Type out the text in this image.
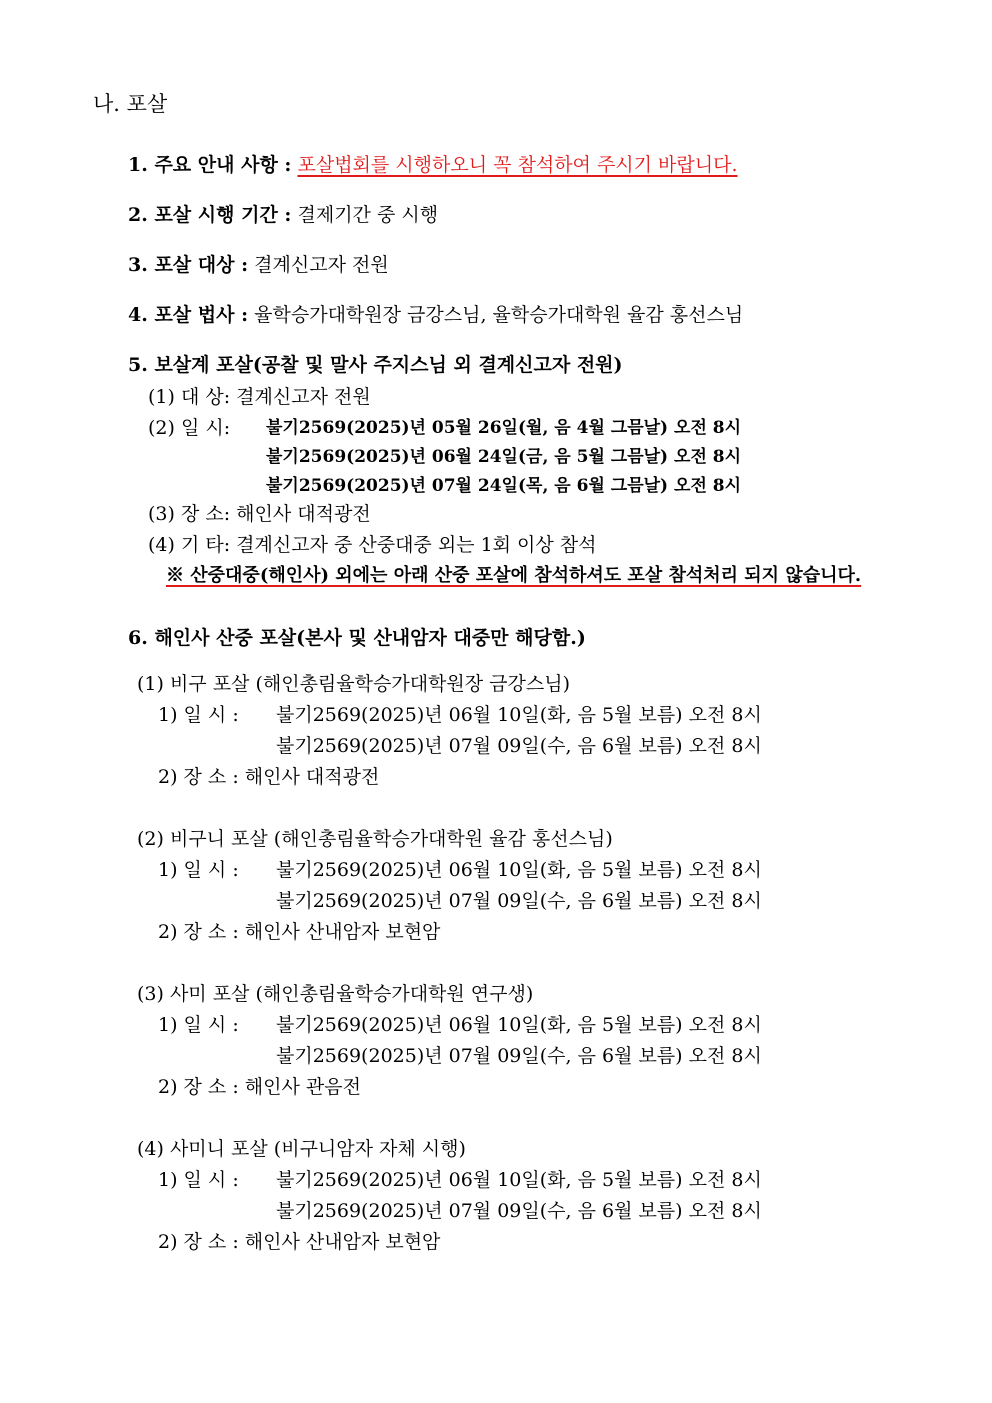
나. 포살
1. 주요 안내 사항 : 포살법회를 시행하오니 꼭 참석하여 주시기 바랍니다.
2. 포살 시행 기간 : 결제기간 중 시행
3. 포살 대상 : 결계신고자 전원
4. 포살 법사 : 율학승가대학원장 금강스님, 율학승가대학원 율감 홍선스님
5. 보살계 포살(공찰 및 말사 주지스님 외 결계신고자 전원)
(1) 대 상: 결계신고자 전원
(2) 일 시: 불기2569(2025)년 05월 26일(월, 음 4월 그믐날) 오전 8시
불기2569(2025)년 06월 24일(금, 음 5월 그믐날) 오전 8시
불기2569(2025)년 07월 24일(목, 음 6월 그믐날) 오전 8시
(3) 장 소: 해인사 대적광전
(4) 기 타: 결계신고자 중 산중대중 외는 1회 이상 참석
※ 산중대중(해인사) 외에는 아래 산중 포살에 참석하셔도 포살 참석처리 되지 않습니다.
6. 해인사 산중 포살(본사 및 산내암자 대중만 해당함.)
(1) 비구 포살 (해인총림율학승가대학원장 금강스님)
1) 일 시 : 불기2569(2025)년 06월 10일(화, 음 5월 보름) 오전 8시
불기2569(2025)년 07월 09일(수, 음 6월 보름) 오전 8시
2) 장 소 : 해인사 대적광전
(2) 비구니 포살 (해인총림율학승가대학원 율감 홍선스님)
1) 일 시 : 불기2569(2025)년 06월 10일(화, 음 5월 보름) 오전 8시
불기2569(2025)년 07월 09일(수, 음 6월 보름) 오전 8시
2) 장 소 : 해인사 산내암자 보현암
(3) 사미 포살 (해인총림율학승가대학원 연구생)
1) 일 시 : 불기2569(2025)년 06월 10일(화, 음 5월 보름) 오전 8시
불기2569(2025)년 07월 09일(수, 음 6월 보름) 오전 8시
2) 장 소 : 해인사 관음전
(4) 사미니 포살 (비구니암자 자체 시행)
1) 일 시 : 불기2569(2025)년 06월 10일(화, 음 5월 보름) 오전 8시
불기2569(2025)년 07월 09일(수, 음 6월 보름) 오전 8시
2) 장 소 : 해인사 산내암자 보현암
